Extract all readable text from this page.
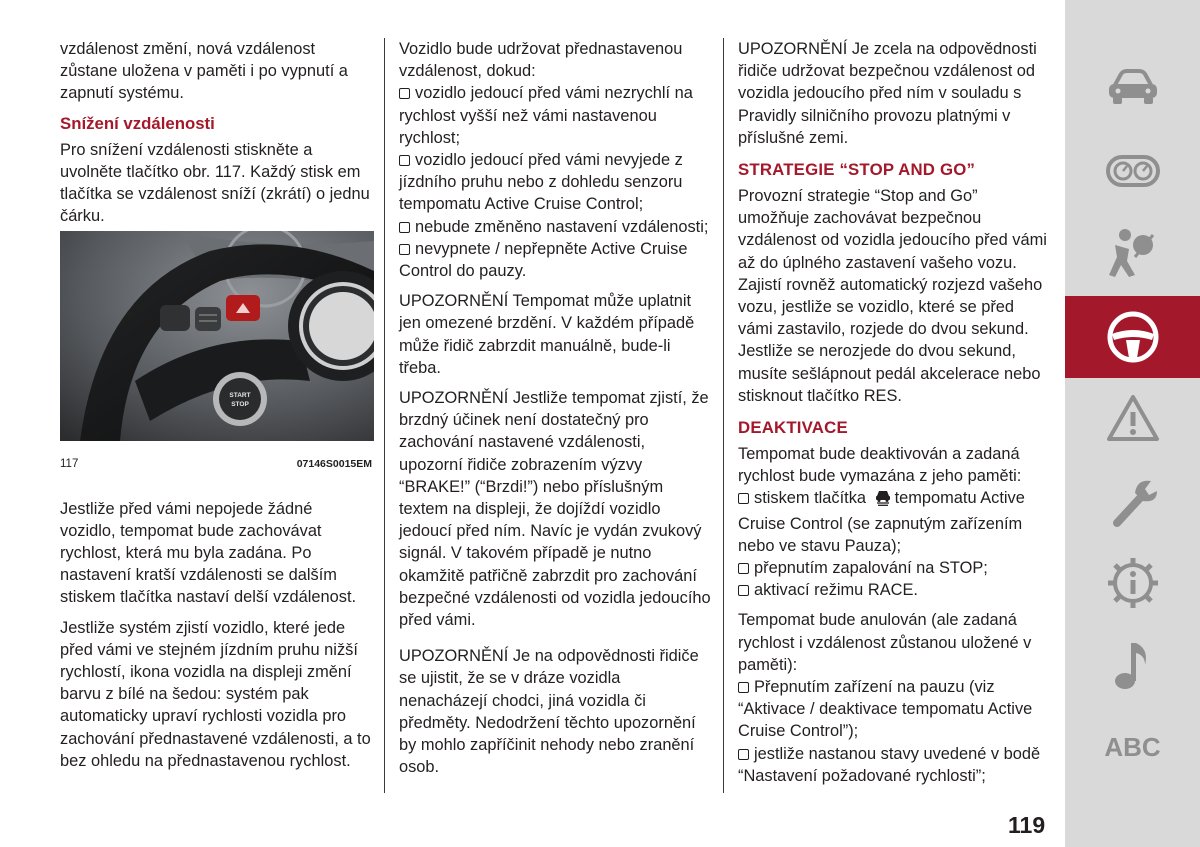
vzdálenost změní, nová vzdálenost zůstane uložena v paměti i po vypnutí a zapnutí systému.

Snížení vzdálenosti

Pro snížení vzdálenosti stiskněte a uvolněte tlačítko obr. 117. Každý stisk em tlačítka se vzdálenost sníží (zkrátí) o jednu čárku.

START
STOP
117	07146S0015EM

Jestliže před vámi nepojede žádné vozidlo, tempomat bude zachovávat rychlost, která mu byla zadána. Po nastavení kratší vzdálenosti se dalším stiskem tlačítka nastaví delší vzdálenost.

Jestliže systém zjistí vozidlo, které jede před vámi ve stejném jízdním pruhu nižší rychlostí, ikona vozidla na displeji změní barvu z bílé na šedou: systém pak automaticky upraví rychlosti vozidla pro zachování přednastavené vzdálenosti, a to bez ohledu na přednastavenou rychlost.

Vozidlo bude udržovat přednastavenou vzdálenost, dokud:

vozidlo jedoucí před vámi nezrychlí na rychlost vyšší než vámi nastavenou rychlost;
vozidlo jedoucí před vámi nevyjede z jízdního pruhu nebo z dohledu senzoru tempomatu Active Cruise Control;
nebude změněno nastavení vzdálenosti;
nevypnete / nepřepněte Active Cruise Control do pauzy.

UPOZORNĚNÍ Tempomat může uplatnit jen omezené brzdění. V každém případě může řidič zabrzdit manuálně, bude-li třeba.

UPOZORNĚNÍ Jestliže tempomat zjistí, že brzdný účinek není dostatečný pro zachování nastavené vzdálenosti, upozorní řidiče zobrazením výzvy “BRAKE!” (“Brzdi!”) nebo příslušným textem na displeji, že dojíždí vozidlo jedoucí před ním. Navíc je vydán zvukový signál. V takovém případě je nutno okamžitě patřičně zabrzdit pro zachování bezpečné vzdálenosti od vozidla jedoucího před vámi.

UPOZORNĚNÍ Je na odpovědnosti řidiče se ujistit, že se v dráze vozidla nenacházejí chodci, jiná vozidla či předměty. Nedodržení těchto upozornění by mohlo zapříčinit nehody nebo zranění osob.

UPOZORNĚNÍ Je zcela na odpovědnosti řidiče udržovat bezpečnou vzdálenost od vozidla jedoucího před ním v souladu s Pravidly silničního provozu platnými v příslušné zemi.

STRATEGIE “STOP AND GO”

Provozní strategie “Stop and Go” umožňuje zachovávat bezpečnou vzdálenost od vozidla jedoucího před vámi až do úplného zastavení vašeho vozu. Zajistí rovněž automatický rozjezd vašeho vozu, jestliže se vozidlo, které se před vámi zastavilo, rozjede do dvou sekund. Jestliže se nerozjede do dvou sekund, musíte sešlápnout pedál akcelerace nebo stisknout tlačítko RES.

DEAKTIVACE

Tempomat bude deaktivován a zadaná rychlost bude vymazána z jeho paměti:

stiskem tlačítka tempomatu Active Cruise Control (se zapnutým zařízením nebo ve stavu Pauza);
přepnutím zapalování na STOP;
aktivací režimu RACE.

Tempomat bude anulován (ale zadaná rychlost i vzdálenost zůstanou uložené v paměti):

Přepnutím zařízení na pauzu (viz “Aktivace / deaktivace tempomatu Active Cruise Control”);
jestliže nastanou stavy uvedené v bodě “Nastavení požadované rychlosti”;
ABC
119
